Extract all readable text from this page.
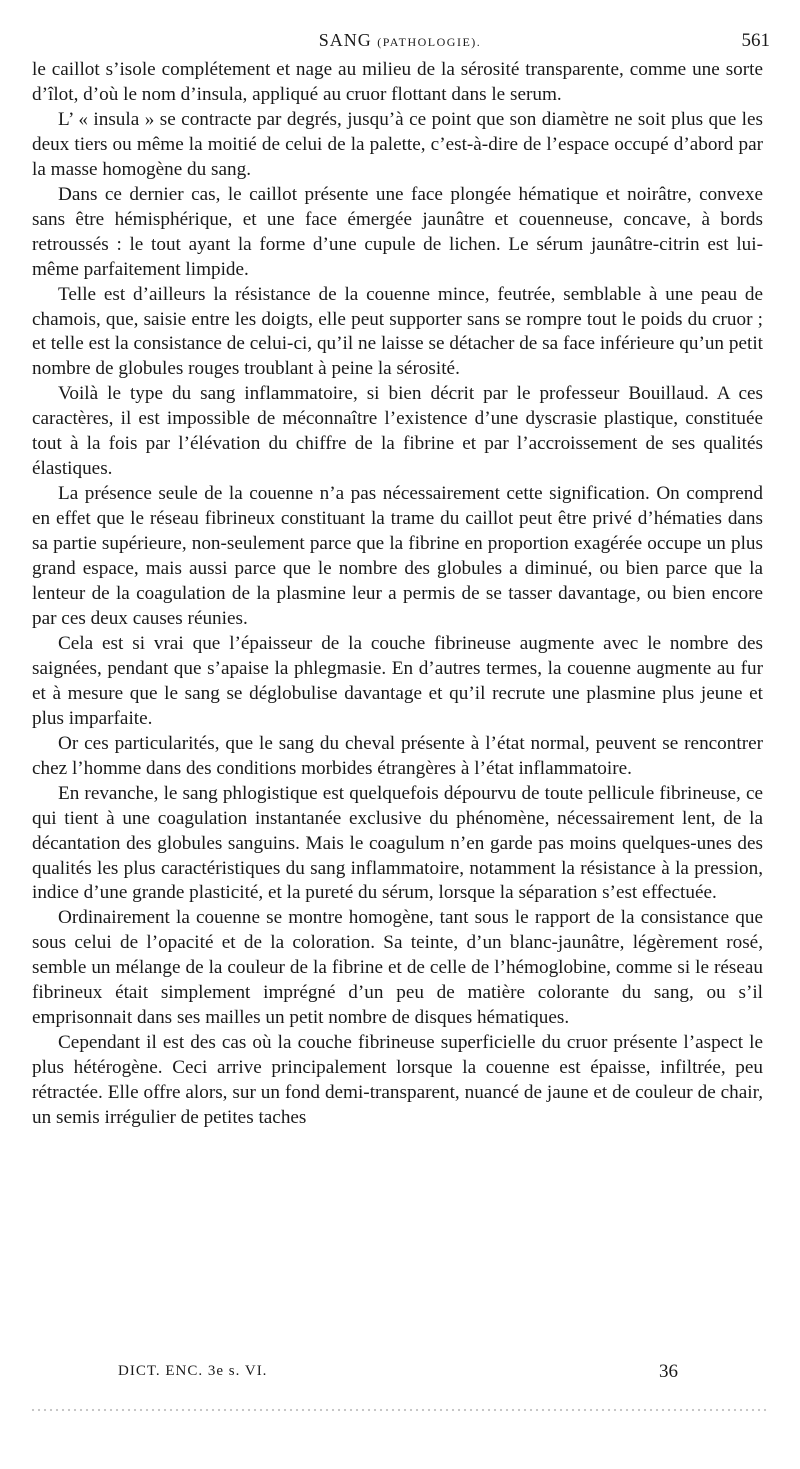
SANG (PATHOLOGIE).	561

le caillot s’isole complétement et nage au milieu de la sérosité transparente, comme une sorte d’îlot, d’où le nom d’insula, appliqué au cruor flottant dans le serum.

L’ « insula » se contracte par degrés, jusqu’à ce point que son diamètre ne soit plus que les deux tiers ou même la moitié de celui de la palette, c’est-à-dire de l’espace occupé d’abord par la masse homogène du sang.

Dans ce dernier cas, le caillot présente une face plongée hématique et noirâtre, convexe sans être hémisphérique, et une face émergée jaunâtre et couenneuse, concave, à bords retroussés : le tout ayant la forme d’une cupule de lichen. Le sérum jaunâtre-citrin est lui-même parfaitement limpide.

Telle est d’ailleurs la résistance de la couenne mince, feutrée, semblable à une peau de chamois, que, saisie entre les doigts, elle peut supporter sans se rompre tout le poids du cruor ; et telle est la consistance de celui-ci, qu’il ne laisse se détacher de sa face inférieure qu’un petit nombre de globules rouges troublant à peine la sérosité.

Voilà le type du sang inflammatoire, si bien décrit par le professeur Bouillaud. A ces caractères, il est impossible de méconnaître l’existence d’une dyscrasie plastique, constituée tout à la fois par l’élévation du chiffre de la fibrine et par l’accroissement de ses qualités élastiques.

La présence seule de la couenne n’a pas nécessairement cette signification. On comprend en effet que le réseau fibrineux constituant la trame du caillot peut être privé d’hématies dans sa partie supérieure, non-seulement parce que la fibrine en proportion exagérée occupe un plus grand espace, mais aussi parce que le nombre des globules a diminué, ou bien parce que la lenteur de la coagulation de la plasmine leur a permis de se tasser davantage, ou bien encore par ces deux causes réunies.

Cela est si vrai que l’épaisseur de la couche fibrineuse augmente avec le nombre des saignées, pendant que s’apaise la phlegmasie. En d’autres termes, la couenne augmente au fur et à mesure que le sang se déglobulise davantage et qu’il recrute une plasmine plus jeune et plus imparfaite.

Or ces particularités, que le sang du cheval présente à l’état normal, peuvent se rencontrer chez l’homme dans des conditions morbides étrangères à l’état inflammatoire.

En revanche, le sang phlogistique est quelquefois dépourvu de toute pellicule fibrineuse, ce qui tient à une coagulation instantanée exclusive du phénomène, nécessairement lent, de la décantation des globules sanguins. Mais le coagulum n’en garde pas moins quelques-unes des qualités les plus caractéristiques du sang inflammatoire, notamment la résistance à la pression, indice d’une grande plasticité, et la pureté du sérum, lorsque la séparation s’est effectuée.

Ordinairement la couenne se montre homogène, tant sous le rapport de la consistance que sous celui de l’opacité et de la coloration. Sa teinte, d’un blanc-jaunâtre, légèrement rosé, semble un mélange de la couleur de la fibrine et de celle de l’hémoglobine, comme si le réseau fibrineux était simplement imprégné d’un peu de matière colorante du sang, ou s’il emprisonnait dans ses mailles un petit nombre de disques hématiques.

Cependant il est des cas où la couche fibrineuse superficielle du cruor présente l’aspect le plus hétérogène. Ceci arrive principalement lorsque la couenne est épaisse, infiltrée, peu rétractée. Elle offre alors, sur un fond demi-transparent, nuancé de jaune et de couleur de chair, un semis irrégulier de petites taches

DICT. ENC. 3e s. VI.	36
